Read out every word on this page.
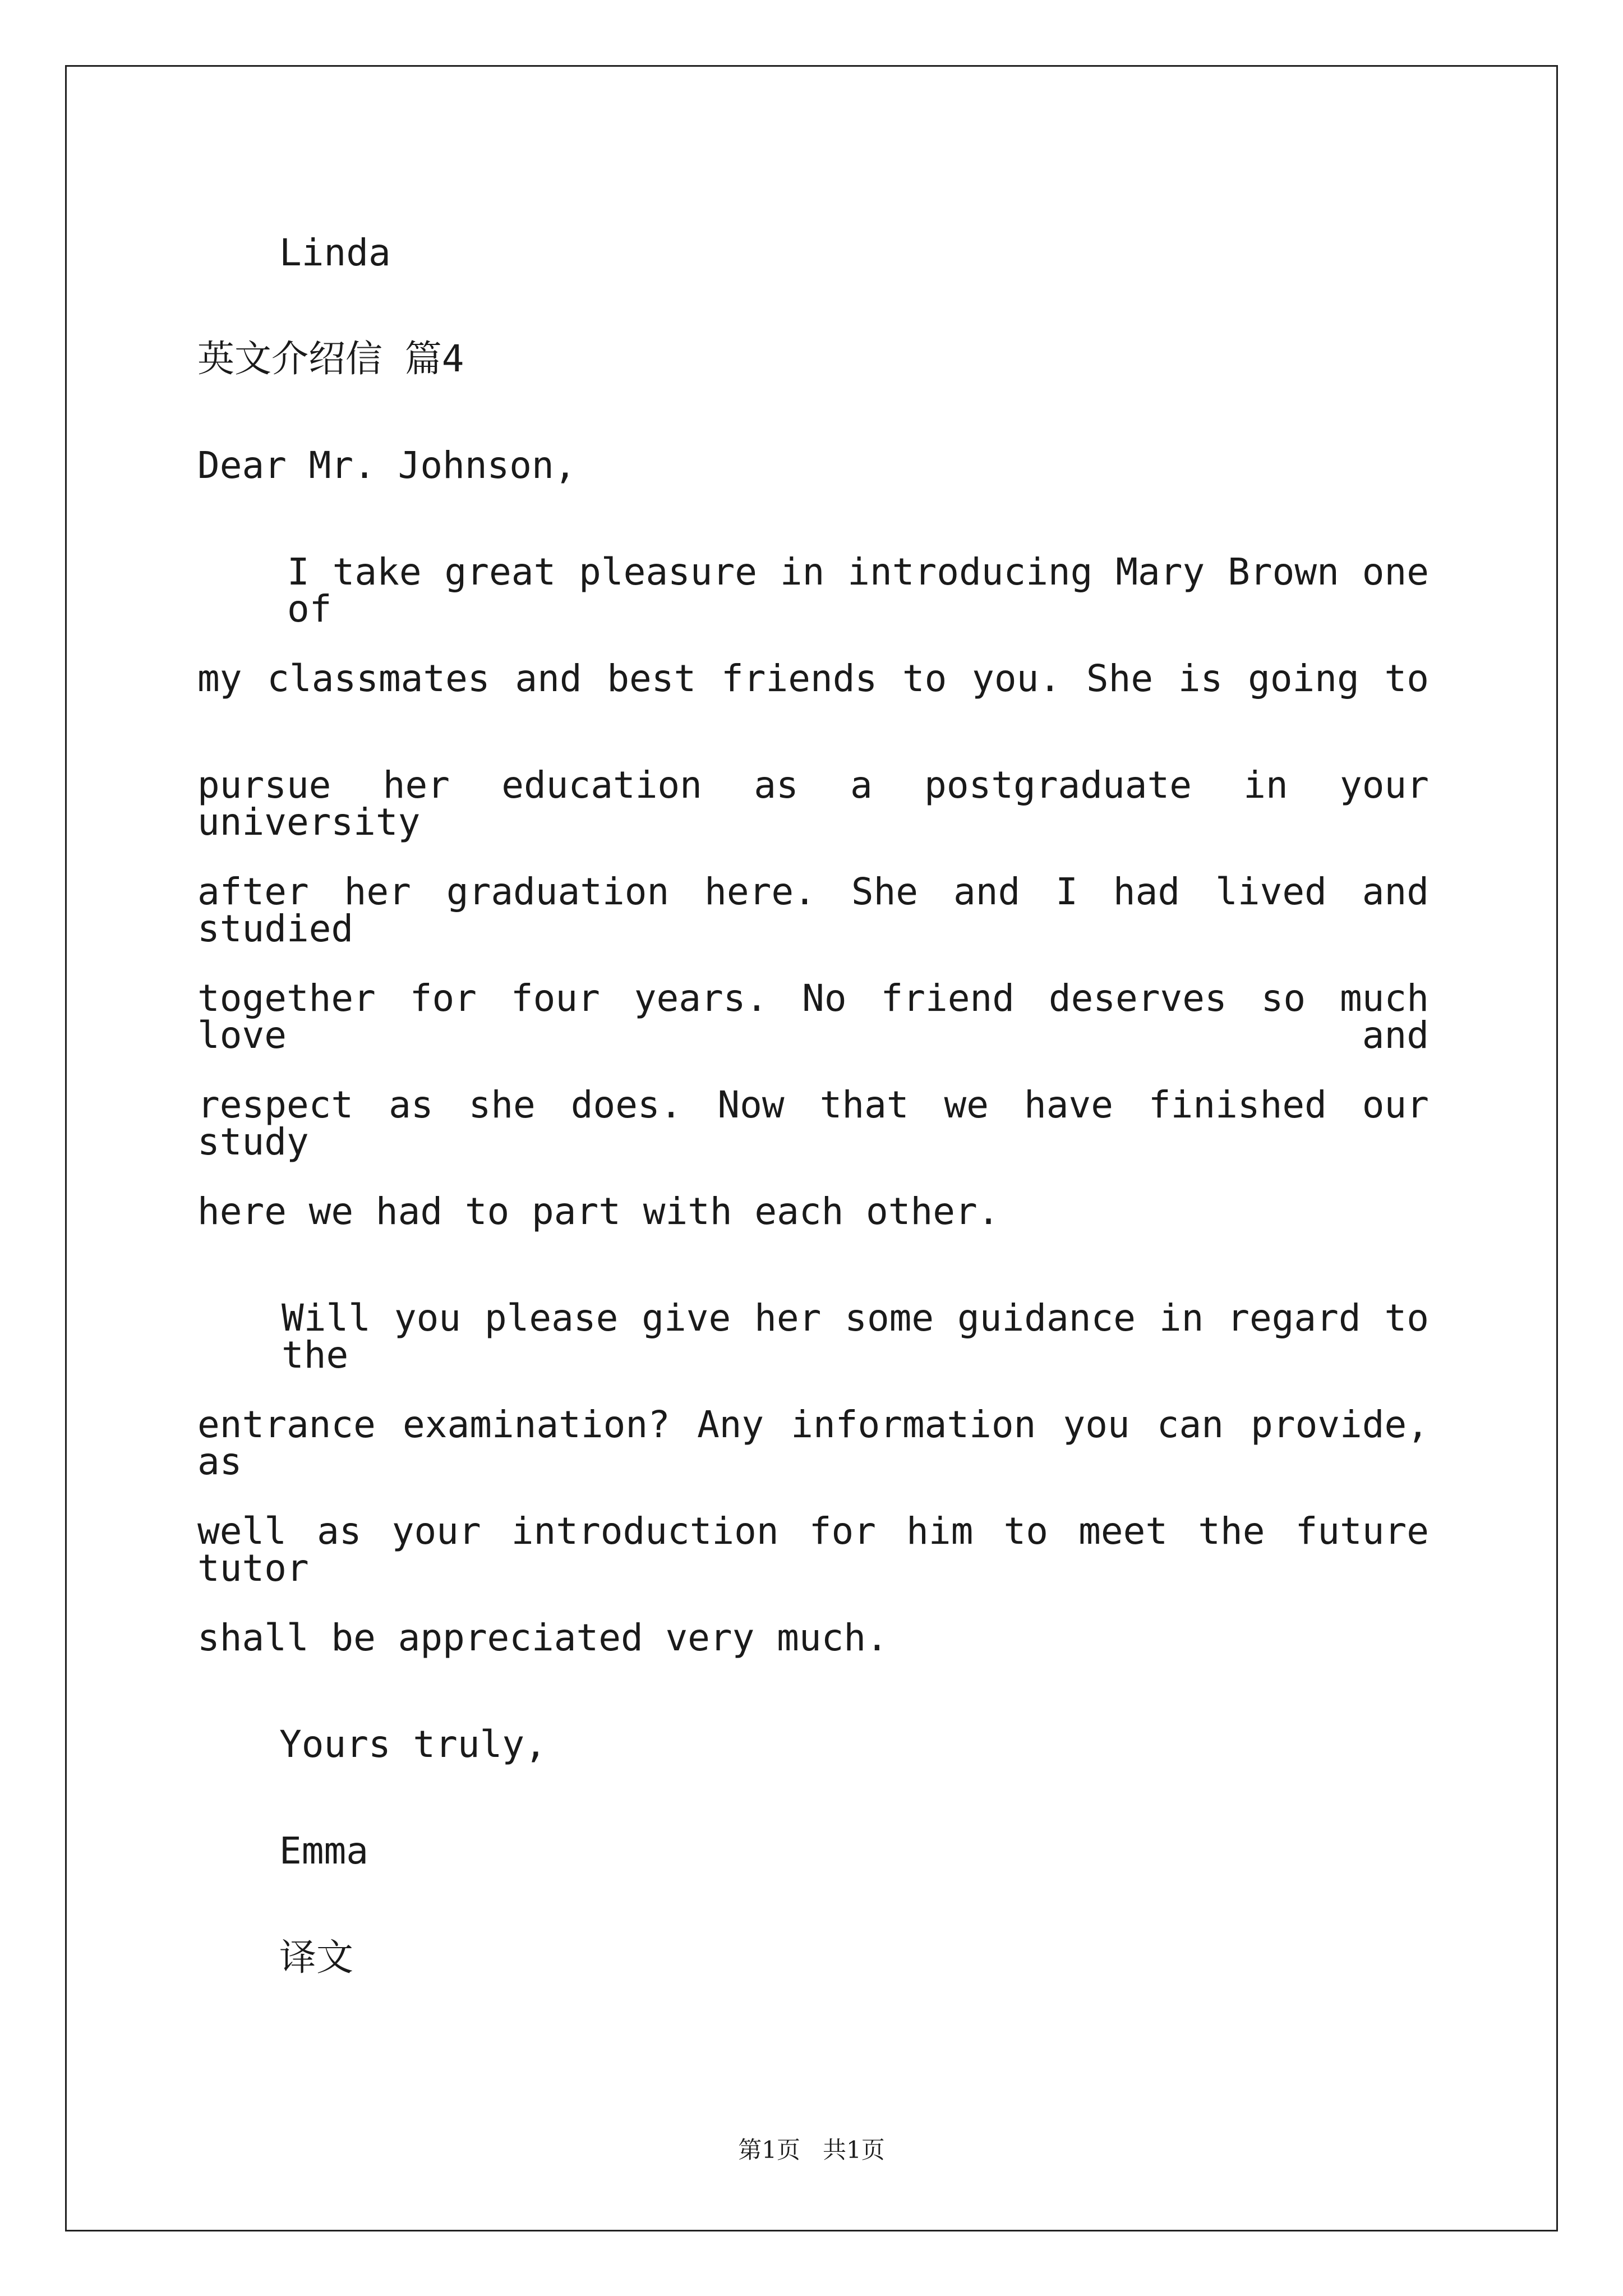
Linda
英文介绍信 篇4
Dear Mr. Johnson,
I take great pleasure in introducing Mary Brown one of
my classmates and best friends to you. She is going to
pursue her education as a postgraduate in your university
after her graduation here. She and I had lived and studied
together for four years. No friend deserves so much love and
respect as she does. Now that we have finished our study
here we had to part with each other.
Will you please give her some guidance in regard to the
entrance examination? Any information you can provide, as
well as your introduction for him to meet the future tutor
shall be appreciated very much.
Yours truly,
Emma
译文
第1页   共1页
